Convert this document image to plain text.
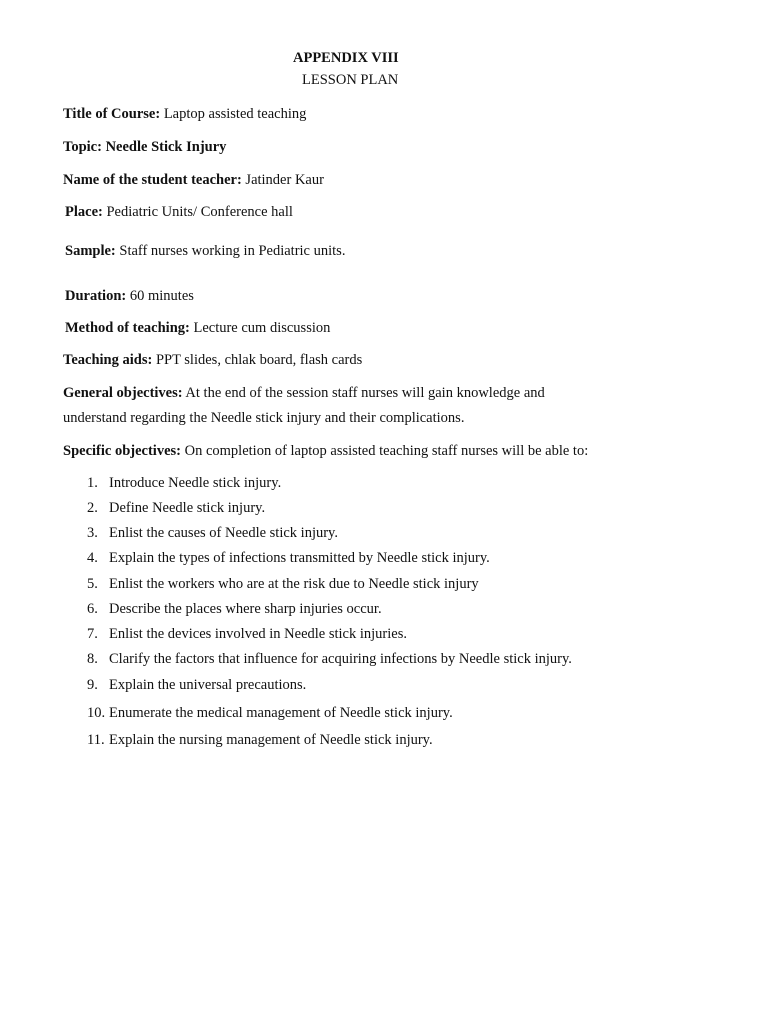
APPENDIX VIII
LESSON PLAN
Title of Course: Laptop assisted teaching
Topic: Needle Stick Injury
Name of the student teacher: Jatinder Kaur
Place: Pediatric Units/ Conference hall
Sample: Staff nurses working in Pediatric units.
Duration: 60 minutes
Method of teaching: Lecture cum discussion
Teaching aids: PPT slides, chlak board, flash cards
General objectives: At the end of the session staff nurses will gain knowledge and
understand regarding the Needle stick injury and their complications.
Specific objectives: On completion of laptop assisted teaching staff nurses will be able to:
1. Introduce Needle stick injury.
2. Define Needle stick injury.
3. Enlist the causes of Needle stick injury.
4. Explain the types of infections transmitted by Needle stick injury.
5. Enlist the workers who are at the risk due to Needle stick injury
6. Describe the places where sharp injuries occur.
7. Enlist the devices involved in Needle stick injuries.
8. Clarify the factors that influence for acquiring infections by Needle stick injury.
9. Explain the universal precautions.
10. Enumerate the medical management of Needle stick injury.
11. Explain the nursing management of Needle stick injury.
